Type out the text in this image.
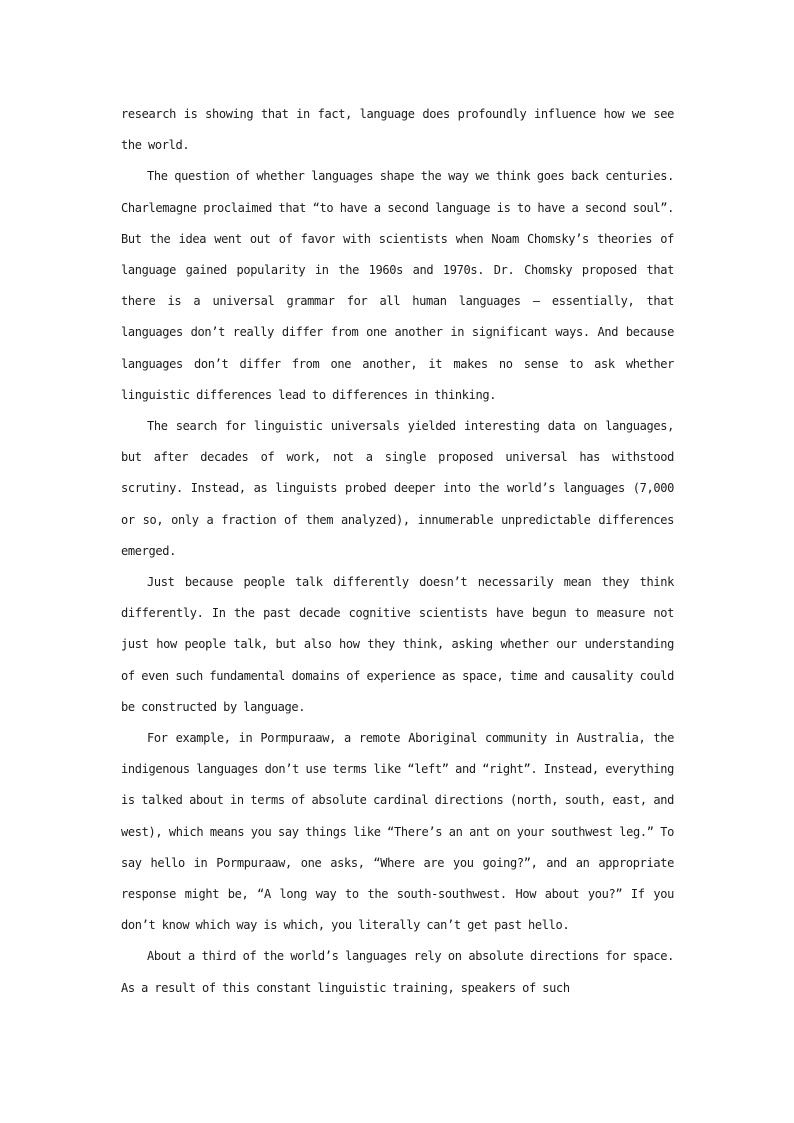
research is showing that in fact, language does profoundly influence how we see the world.

The question of whether languages shape the way we think goes back centuries. Charlemagne proclaimed that “to have a second language is to have a second soul”. But the idea went out of favor with scientists when Noam Chomsky’s theories of language gained popularity in the 1960s and 1970s. Dr. Chomsky proposed that there is a universal grammar for all human languages — essentially, that languages don’t really differ from one another in significant ways. And because languages don’t differ from one another, it makes no sense to ask whether linguistic differences lead to differences in thinking.

The search for linguistic universals yielded interesting data on languages, but after decades of work, not a single proposed universal has withstood scrutiny. Instead, as linguists probed deeper into the world’s languages (7,000 or so, only a fraction of them analyzed), innumerable unpredictable differences emerged.

Just because people talk differently doesn’t necessarily mean they think differently. In the past decade cognitive scientists have begun to measure not just how people talk, but also how they think, asking whether our understanding of even such fundamental domains of experience as space, time and causality could be constructed by language.

For example, in Pormpuraaw, a remote Aboriginal community in Australia, the indigenous languages don’t use terms like “left” and “right”. Instead, everything is talked about in terms of absolute cardinal directions (north, south, east, and west), which means you say things like “There’s an ant on your southwest leg.” To say hello in Pormpuraaw, one asks, “Where are you going?”, and an appropriate response might be, “A long way to the south-southwest. How about you?” If you don’t know which way is which, you literally can’t get past hello.

About a third of the world’s languages rely on absolute directions for space. As a result of this constant linguistic training, speakers of such
